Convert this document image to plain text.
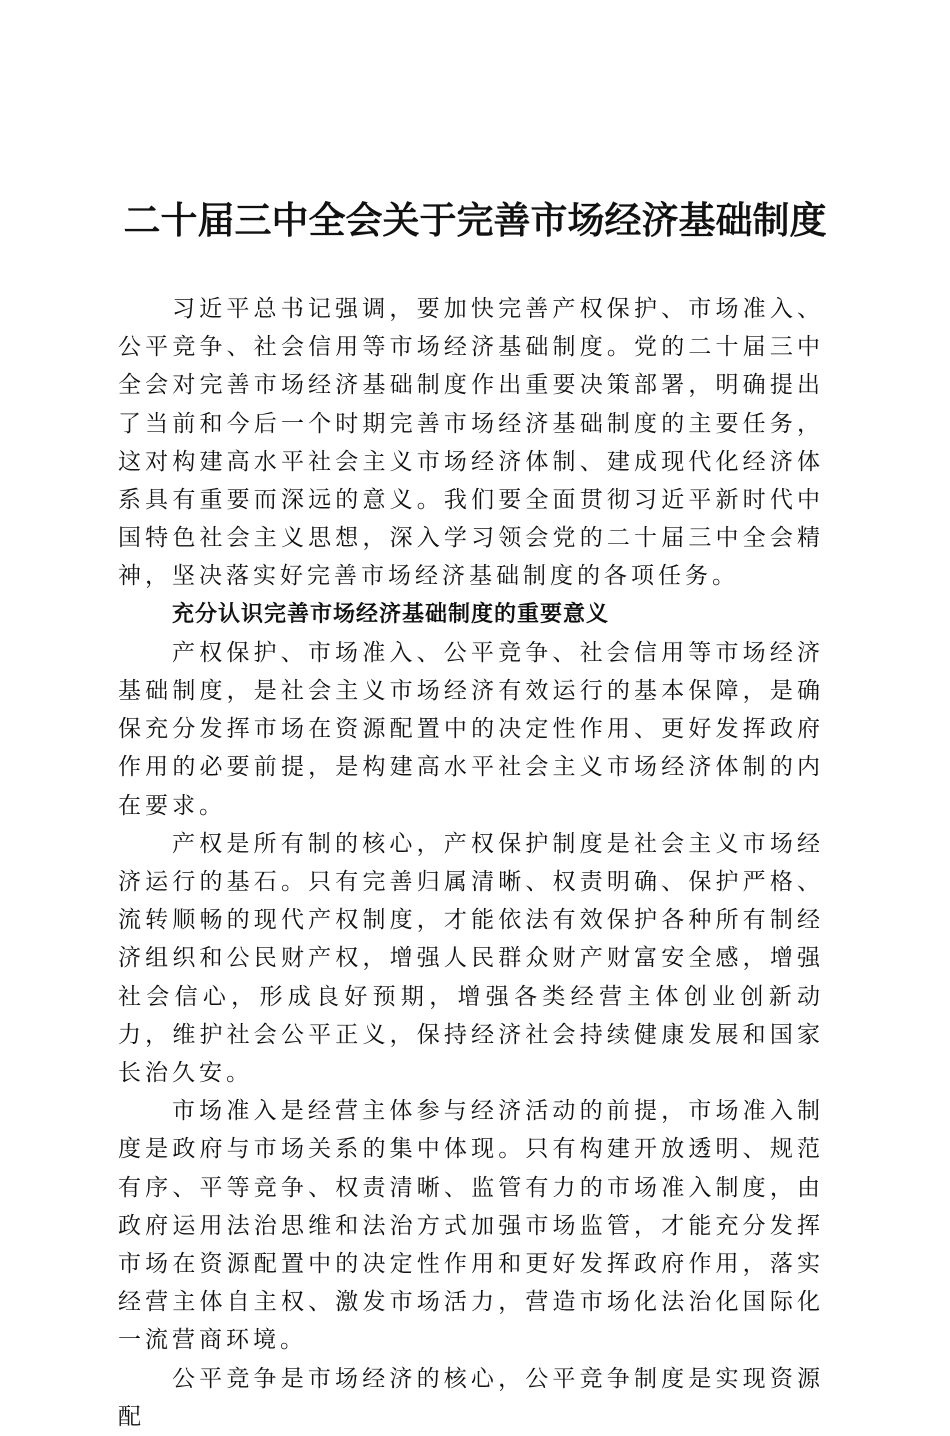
二十届三中全会关于完善市场经济基础制度

习近平总书记强调，要加快完善产权保护、市场准入、公平竞争、社会信用等市场经济基础制度。党的二十届三中全会对完善市场经济基础制度作出重要决策部署，明确提出了当前和今后一个时期完善市场经济基础制度的主要任务，这对构建高水平社会主义市场经济体制、建成现代化经济体系具有重要而深远的意义。我们要全面贯彻习近平新时代中国特色社会主义思想，深入学习领会党的二十届三中全会精神，坚决落实好完善市场经济基础制度的各项任务。

充分认识完善市场经济基础制度的重要意义

产权保护、市场准入、公平竞争、社会信用等市场经济基础制度，是社会主义市场经济有效运行的基本保障，是确保充分发挥市场在资源配置中的决定性作用、更好发挥政府作用的必要前提，是构建高水平社会主义市场经济体制的内在要求。

产权是所有制的核心，产权保护制度是社会主义市场经济运行的基石。只有完善归属清晰、权责明确、保护严格、流转顺畅的现代产权制度，才能依法有效保护各种所有制经济组织和公民财产权，增强人民群众财产财富安全感，增强社会信心，形成良好预期，增强各类经营主体创业创新动力，维护社会公平正义，保持经济社会持续健康发展和国家长治久安。

市场准入是经营主体参与经济活动的前提，市场准入制度是政府与市场关系的集中体现。只有构建开放透明、规范有序、平等竞争、权责清晰、监管有力的市场准入制度，由政府运用法治思维和法治方式加强市场监管，才能充分发挥市场在资源配置中的决定性作用和更好发挥政府作用，落实经营主体自主权、激发市场活力，营造市场化法治化国际化一流营商环境。

公平竞争是市场经济的核心，公平竞争制度是实现资源配
